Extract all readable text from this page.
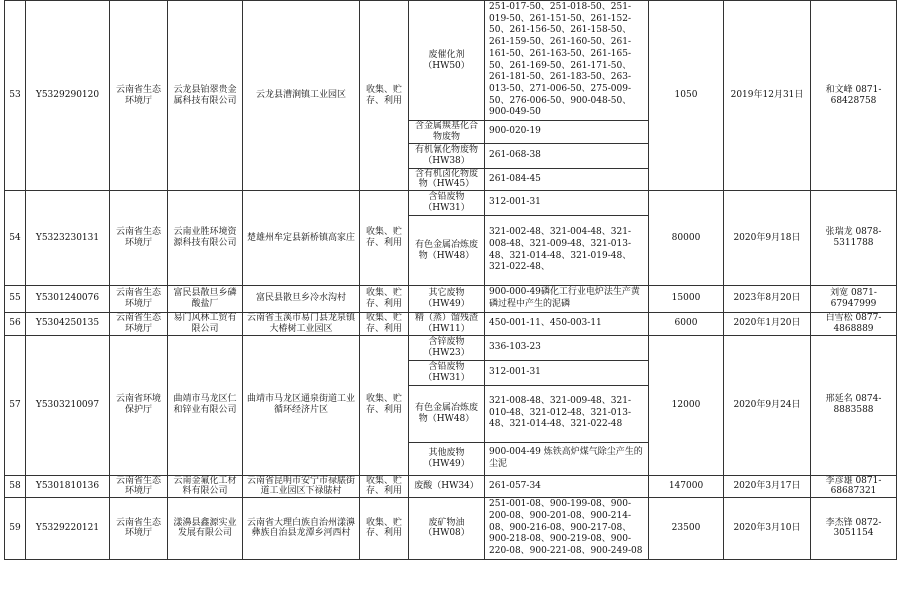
53	Y5329290120	云南省生态环境厅	云龙县铂翠贵金属科技有限公司	云龙县漕涧镇工业园区	收集、贮存、利用	废催化剂（HW50）	251-017-50、251-018-50、251-019-50、261-151-50、261-152-50、261-156-50、261-158-50、261-159-50、261-160-50、261-161-50、261-163-50、261-165-50、261-169-50、261-171-50、261-181-50、261-183-50、263-013-50、271-006-50、275-009-50、276-006-50、900-048-50、900-049-50	1050	2019年12月31日	和文峰 0871-68428758
						含金属羰基化合物废物	900-020-19			
						有机氰化物废物（HW38）	261-068-38			
						含有机卤化物废物（HW45）	261-084-45			
54	Y5323230131	云南省生态环境厅	云南业胜环境资源科技有限公司	楚雄州牟定县新桥镇高家庄	收集、贮存、利用	含铅废物（HW31）	312-001-31	80000	2020年9月18日	张瑞龙 0878-5311788
						有色金属冶炼废物（HW48）	321-002-48、321-004-48、321-008-48、321-009-48、321-013-48、321-014-48、321-019-48、321-022-48、			
55	Y5301240076	云南省生态环境厅	富民县散旦乡磷酸盐厂	富民县散旦乡冷水沟村	收集、贮存、利用	其它废物（HW49）	900-000-49磷化工行业电炉法生产黄磷过程中产生的泥磷	15000	2023年8月20日	刘宽 0871-67947999
56	Y5304250135	云南省生态环境厅	易门风林工贸有限公司	云南省玉溪市易门县龙泉镇大椿树工业园区	收集、贮存、利用	精（蒸）馏残渣（HW11）	450-001-11、450-003-11	6000	2020年1月20日	白雪松 0877-4868889
57	Y5303210097	云南省环境保护厅	曲靖市马龙区仁和锌业有限公司	曲靖市马龙区通泉街道工业循环经济片区	收集、贮存、利用	含锌废物（HW23）	336-103-23	12000	2020年9月24日	邢延名 0874-8883588
						含铅废物（HW31）	312-001-31			
						有色金属冶炼废物（HW48）	321-008-48、321-009-48、321-010-48、321-012-48、321-013-48、321-014-48、321-022-48			
						其他废物（HW49）	900-004-49 炼铁高炉煤气除尘产生的尘泥			
58	Y5301810136	云南省生态环境厅	云南金氟化工材料有限公司	云南省昆明市安宁市禄脿街道工业园区下禄脿村	收集、贮存、利用	废酸（HW34）	261-057-34	147000	2020年3月17日	李彦雄 0871-68687321
59	Y5329220121	云南省生态环境厅	漾濞县鑫源实业发展有限公司	云南省大理白族自治州漾濞彝族自治县龙潭乡河西村	收集、贮存、利用	废矿物油（HW08）	251-001-08、900-199-08、900-200-08、900-201-08、900-214-08、900-216-08、900-217-08、900-218-08、900-219-08、900-220-08、900-221-08、900-249-08	23500	2020年3月10日	李杰锋 0872-3051154
